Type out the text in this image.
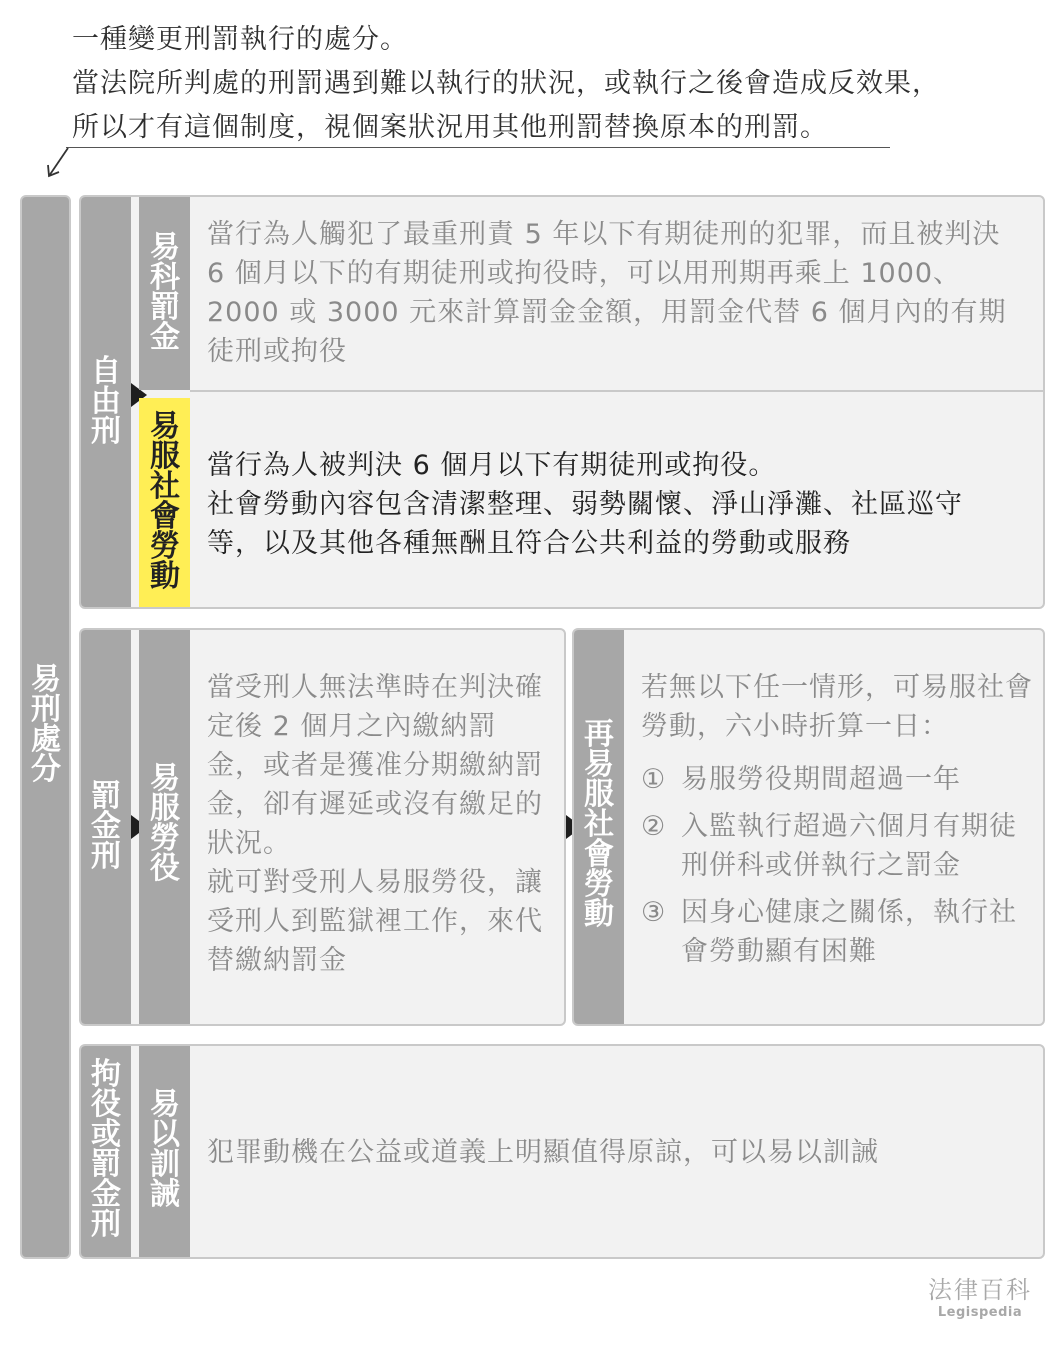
一種變更刑罰執行的處分。
當法院所判處的刑罰遇到難以執行的狀況，或執行之後會造成反效果，
所以才有這個制度，視個案狀況用其他刑罰替換原本的刑罰。
易刑處分
自由刑
易科罰金
當行為人觸犯了最重刑責 5 年以下有期徒刑的犯罪，而且被判決 6 個月以下的有期徒刑或拘役時，可以用刑期再乘上 1000、2000 或 3000 元來計算罰金金額，用罰金代替 6 個月內的有期徒刑或拘役
易服社會勞動
當行為人被判決 6 個月以下有期徒刑或拘役。
社會勞動內容包含清潔整理、弱勢關懷、淨山淨灘、社區巡守等，以及其他各種無酬且符合公共利益的勞動或服務
罰金刑
易服勞役
當受刑人無法準時在判決確定後 2 個月之內繳納罰金，或者是獲准分期繳納罰金，卻有遲延或沒有繳足的狀況。
就可對受刑人易服勞役，讓受刑人到監獄裡工作，來代替繳納罰金
再易服社會勞動
若無以下任一情形，可易服社會勞動，六小時折算一日：
① 易服勞役期間超過一年
② 入監執行超過六個月有期徒刑併科或併執行之罰金
③ 因身心健康之關係，執行社會勞動顯有困難
拘役或罰金刑
易以訓誡
犯罪動機在公益或道義上明顯值得原諒，可以易以訓誡
法律百科
Legispedia
